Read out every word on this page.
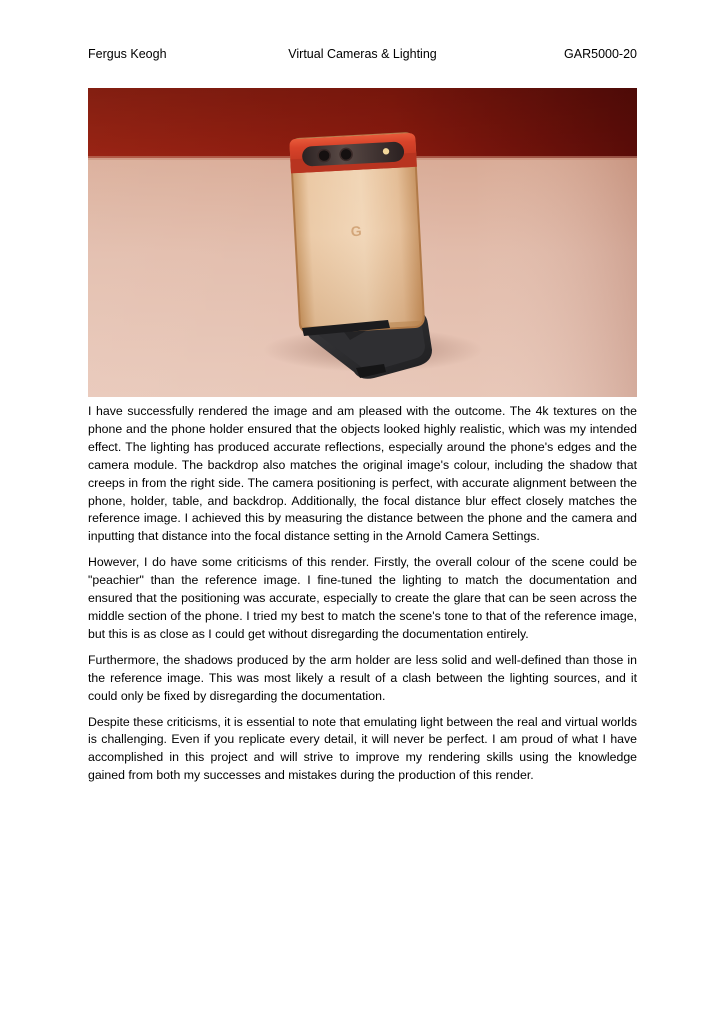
Fergus Keogh	Virtual Cameras & Lighting	GAR5000-20
G

I have successfully rendered the image and am pleased with the outcome. The 4k textures on the phone and the phone holder ensured that the objects looked highly realistic, which was my intended effect. The lighting has produced accurate reflections, especially around the phone's edges and the camera module. The backdrop also matches the original image's colour, including the shadow that creeps in from the right side. The camera positioning is perfect, with accurate alignment between the phone, holder, table, and backdrop. Additionally, the focal distance blur effect closely matches the reference image. I achieved this by measuring the distance between the phone and the camera and inputting that distance into the focal distance setting in the Arnold Camera Settings.

However, I do have some criticisms of this render. Firstly, the overall colour of the scene could be "peachier" than the reference image. I fine-tuned the lighting to match the documentation and ensured that the positioning was accurate, especially to create the glare that can be seen across the middle section of the phone. I tried my best to match the scene's tone to that of the reference image, but this is as close as I could get without disregarding the documentation entirely.

Furthermore, the shadows produced by the arm holder are less solid and well-defined than those in the reference image. This was most likely a result of a clash between the lighting sources, and it could only be fixed by disregarding the documentation.

Despite these criticisms, it is essential to note that emulating light between the real and virtual worlds is challenging. Even if you replicate every detail, it will never be perfect. I am proud of what I have accomplished in this project and will strive to improve my rendering skills using the knowledge gained from both my successes and mistakes during the production of this render.
